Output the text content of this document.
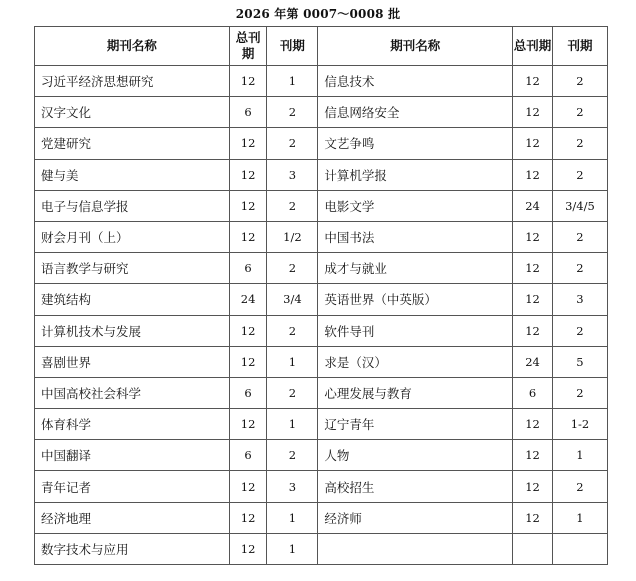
2026 年第 0007～0008 批
期刊名称	总刊期	刊期	期刊名称	总刊期	刊期
习近平经济思想研究	12	1	信息技术	12	2
汉字文化	6	2	信息网络安全	12	2
党建研究	12	2	文艺争鸣	12	2
健与美	12	3	计算机学报	12	2
电子与信息学报	12	2	电影文学	24	3/4/5
财会月刊（上）	12	1/2	中国书法	12	2
语言教学与研究	6	2	成才与就业	12	2
建筑结构	24	3/4	英语世界（中英版）	12	3
计算机技术与发展	12	2	软件导刊	12	2
喜剧世界	12	1	求是（汉）	24	5
中国高校社会科学	6	2	心理发展与教育	6	2
体育科学	12	1	辽宁青年	12	1-2
中国翻译	6	2	人物	12	1
青年记者	12	3	高校招生	12	2
经济地理	12	1	经济师	12	1
数字技术与应用	12	1			
